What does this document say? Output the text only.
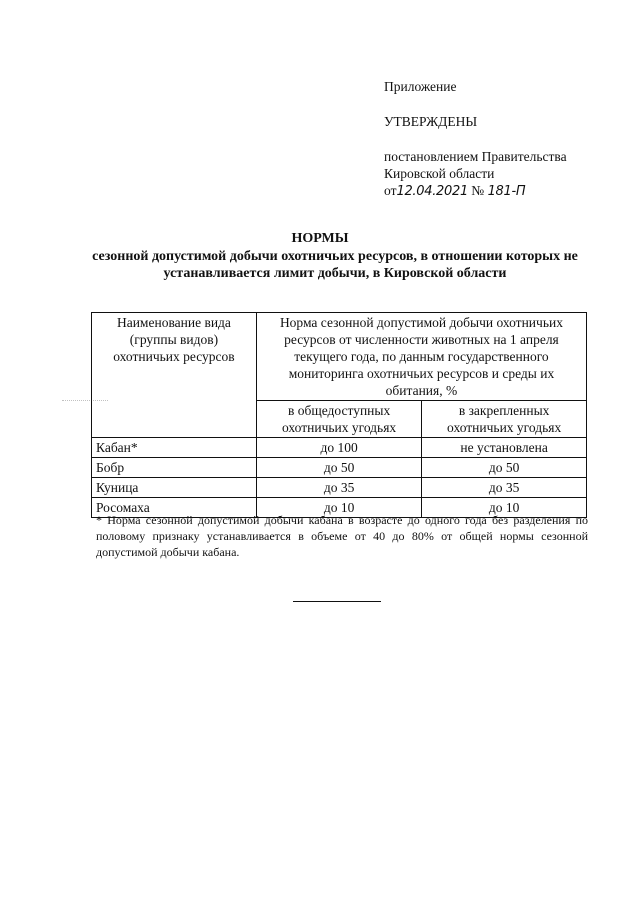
Приложение
УТВЕРЖДЕНЫ
постановлением Правительства
Кировской области
от12.04.2021 № 181-П
НОРМЫ
сезонной допустимой добычи охотничьих ресурсов, в отношении которых не устанавливается лимит добычи, в Кировской области
Наименование вида (группы видов) охотничьих ресурсов	Норма сезонной допустимой добычи охотничьих ресурсов от численности животных на 1 апреля текущего года, по данным государственного мониторинга охотничьих ресурсов и среды их обитания, %	
	в общедоступных охотничьих угодьях	в закрепленных охотничьих угодьях
Кабан*	до 100	не установлена
Бобр	до 50	до 50
Куница	до 35	до 35
Росомаха	до 10	до 10
* Норма сезонной допустимой добычи кабана в возрасте до одного года без разделения по половому признаку устанавливается в объеме от 40 до 80% от общей нормы сезонной допустимой добычи кабана.
